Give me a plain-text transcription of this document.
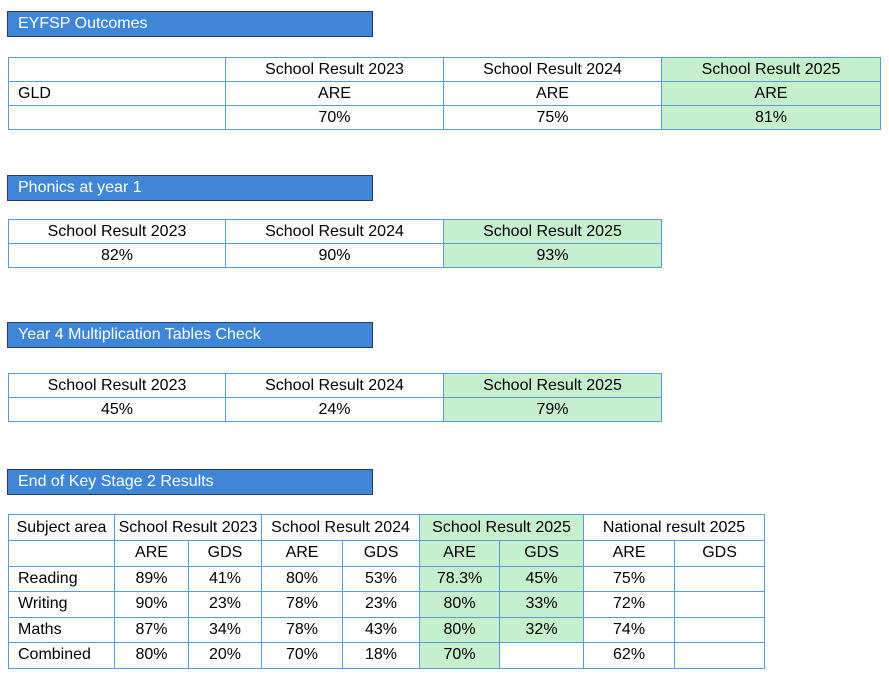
EYFSP Outcomes
	School Result 2023	School Result 2024	School Result 2025
GLD	ARE	ARE	ARE
	70%	75%	81%
Phonics at year 1
School Result 2023	School Result 2024	School Result 2025
82%	90%	93%
Year 4 Multiplication Tables Check
School Result 2023	School Result 2024	School Result 2025
45%	24%	79%
End of Key Stage 2 Results
Subject area	School Result 2023		School Result 2024		School Result 2025		National result 2025	

	ARE	GDS	ARE	GDS	ARE	GDS	ARE	GDS
Reading	89%	41%	80%	53%	78.3%	45%	75%	
Writing	90%	23%	78%	23%	80%	33%	72%	
Maths	87%	34%	78%	43%	80%	32%	74%	
Combined	80%	20%	70%	18%	70%		62%	
